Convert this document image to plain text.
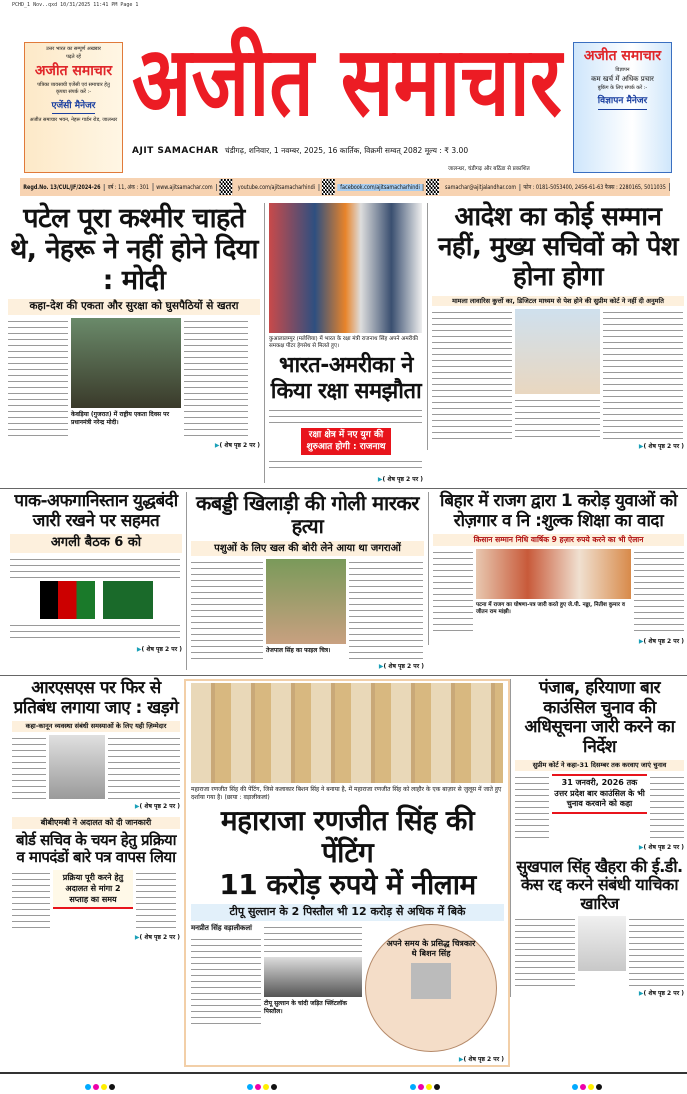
PCHD_1 Nov..qxd 10/31/2025 11:41 PM Page 1
उत्तर भारत का सम्पूर्ण अखबार
पढ़ते रहें
अजीत समाचार
पत्रिका व्यवसायी एजेंसी एवं समाचार हेतु
कृपया संपर्क करें :-
एजेंसी मैनेजर
अजीत समाचार भवन, नेहरू गार्डन रोड, जालन्धर अजीत समाचार
AJIT SAMACHAR चंडीगढ़, शनिवार, 1 नवम्बर, 2025, 16 कार्तिक, विक्रमी सम्वत् 2082 मूल्य : ₹ 3.00
जालन्धर, चंडीगढ़ और बठिंडा से प्रकाशित
अजीत समाचार
विज्ञापन
कम खर्च में अधिक प्रचार
बुकिंग के लिए संपर्क करें :-
विज्ञापन मैनेजर
Regd.No. 13/CUL/JF/2024-26	वर्ष : 11, अंक : 301	www.ajitsamachar.com	youtube.com/ajitsamacharhindi	facebook.com/ajitsamacharhindi	samachar@ajitjalandhar.com	फोन : 0181-5053400, 2456-61-63 फैक्स : 2280165, 5011035
पटेल पूरा कश्मीर चाहते थे, नेहरू ने नहीं होने दिया : मोदी
कहा-देश की एकता और सुरक्षा को घुसपैठियों से खतरा
केवड़िया (गुजरात) में राष्ट्रीय एकता दिवस पर प्रधानमंत्री नरेन्द्र मोदी।
▶( शेष पृष्ठ 2 पर )
कुआलालम्पुर (मलेशिया) में भारत के रक्षा मंत्री राजनाथ सिंह अपने अमरीकी समकक्ष पीटर हेगसेथ से मिलते हुए।
भारत-अमरीका ने किया रक्षा समझौता
रक्षा क्षेत्र में नए युग की शुरुआत होगी : राजनाथ
▶( शेष पृष्ठ 2 पर )
आदेश का कोई सम्मान नहीं, मुख्य सचिवों को पेश होना होगा
मामला लावारिस कुत्तों का, डिजिटल माध्यम से पेश होने की सुप्रीम कोर्ट ने नहीं दी अनुमति
▶( शेष पृष्ठ 2 पर )
पाक-अफगानिस्तान युद्धबंदी जारी रखने पर सहमत
अगली बैठक 6 को
▶( शेष पृष्ठ 2 पर )
कबड्डी खिलाड़ी की गोली मारकर हत्या
पशुओं के लिए खल की बोरी लेने आया था जगराओं
तेजपाल सिंह का फाइल चित्र।
▶( शेष पृष्ठ 2 पर )
बिहार में राजग द्वारा 1 करोड़ युवाओं को रोज़गार व नि :शुल्क शिक्षा का वादा
किसान सम्मान निधि वार्षिक 9 हज़ार रुपये करने का भी ऐलान
पटना में राजग का घोषणा-पत्र जारी करते हुए जे.पी. नड्डा, नितीश कुमार व जीतन राम मांझी।
▶( शेष पृष्ठ 2 पर )
आरएसएस पर फिर से प्रतिबंध लगाया जाए : खड़गे
कहा-कानून व्यवस्था संबंधी समस्याओं के लिए यही ज़िम्मेदार
▶( शेष पृष्ठ 2 पर )
बीबीएमबी ने अदालत को दी जानकारी
बोर्ड सचिव के चयन हेतु प्रक्रिया व मापदंडों बारे पत्र वापस लिया
प्रक्रिया पूरी करने हेतु अदालत से मांगा 2 सप्ताह का समय
▶( शेष पृष्ठ 2 पर )
महाराजा रणजीत सिंह की पेंटिंग, जिसे कलाकार बिशन सिंह ने बनाया है, में महाराजा रणजीत सिंह को लाहौर के एक बाज़ार से जुलूस में जाते हुए दर्शाया गया है। (छाया : वड़ालीकलां)
महाराजा रणजीत सिंह की पेंटिंग
11 करोड़ रुपये में नीलाम
टीपू सुल्तान के 2 पिस्तौल भी 12 करोड़ से अधिक में बिके
मनप्रीत सिंह वड़ालीकलां
टीपू सुल्तान के चांदी जड़ित फ्लिंटलॉक पिस्तौल।
अपने समय के प्रसिद्ध चित्रकार थे बिशन सिंह
▶( शेष पृष्ठ 2 पर )
पंजाब, हरियाणा बार काउंसिल चुनाव की अधिसूचना जारी करने का निर्देश
सुप्रीम कोर्ट ने कहा-31 दिसम्बर तक करवाए जाएं चुनाव
31 जनवरी, 2026 तक उत्तर प्रदेश बार काउंसिल के भी चुनाव करवाने को कहा
▶( शेष पृष्ठ 2 पर )
सुखपाल सिंह खैहरा की ई.डी. केस रद्द करने संबंधी याचिका खारिज
▶( शेष पृष्ठ 2 पर )
